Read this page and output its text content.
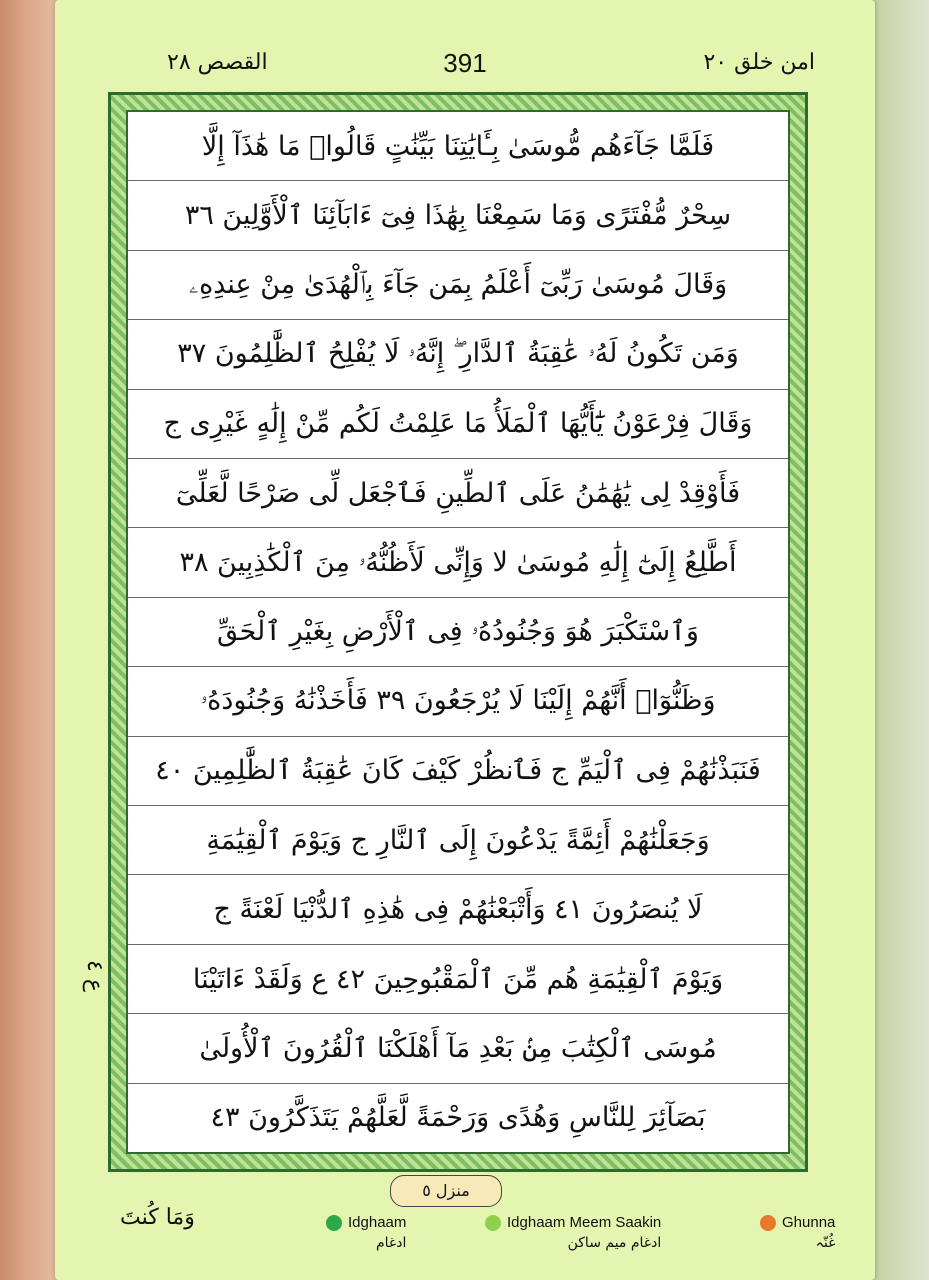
القصص ٢٨	391	امن خلق ٢٠
فَلَمَّا جَآءَهُم مُّوسَىٰ بِـَٔايَٰتِنَا بَيِّنَٰتٍ قَالُوا۟ مَا هَٰذَآ إِلَّا
سِحْرٌ مُّفْتَرًى وَمَا سَمِعْنَا بِهَٰذَا فِىٓ ءَابَآئِنَا ٱلْأَوَّلِينَ ٣٦
وَقَالَ مُوسَىٰ رَبِّىٓ أَعْلَمُ بِمَن جَآءَ بِٱلْهُدَىٰ مِنْ عِندِهِۦ
وَمَن تَكُونُ لَهُۥ عَٰقِبَةُ ٱلدَّارِ ۖ إِنَّهُۥ لَا يُفْلِحُ ٱلظَّٰلِمُونَ ٣٧
وَقَالَ فِرْعَوْنُ يَٰٓأَيُّهَا ٱلْمَلَأُ مَا عَلِمْتُ لَكُم مِّنْ إِلَٰهٍ غَيْرِى ج
فَأَوْقِدْ لِى يَٰهَٰمَٰنُ عَلَى ٱلطِّينِ فَٱجْعَل لِّى صَرْحًا لَّعَلِّىٓ
أَطَّلِعُ إِلَىٰٓ إِلَٰهِ مُوسَىٰ لا وَإِنِّى لَأَظُنُّهُۥ مِنَ ٱلْكَٰذِبِينَ ٣٨
وَٱسْتَكْبَرَ هُوَ وَجُنُودُهُۥ فِى ٱلْأَرْضِ بِغَيْرِ ٱلْحَقِّ
وَظَنُّوٓا۟ أَنَّهُمْ إِلَيْنَا لَا يُرْجَعُونَ ٣٩ فَأَخَذْنَٰهُ وَجُنُودَهُۥ
فَنَبَذْنَٰهُمْ فِى ٱلْيَمِّ ج فَٱنظُرْ كَيْفَ كَانَ عَٰقِبَةُ ٱلظَّٰلِمِينَ ٤٠
وَجَعَلْنَٰهُمْ أَئِمَّةً يَدْعُونَ إِلَى ٱلنَّارِ ج وَيَوْمَ ٱلْقِيَٰمَةِ
لَا يُنصَرُونَ ٤١ وَأَتْبَعْنَٰهُمْ فِى هَٰذِهِ ٱلدُّنْيَا لَعْنَةً ج
وَيَوْمَ ٱلْقِيَٰمَةِ هُم مِّنَ ٱلْمَقْبُوحِينَ ٤٢ ع وَلَقَدْ ءَاتَيْنَا
مُوسَى ٱلْكِتَٰبَ مِنۢ بَعْدِ مَآ أَهْلَكْنَا ٱلْقُرُونَ ٱلْأُولَىٰ
بَصَآئِرَ لِلنَّاسِ وَهُدًى وَرَحْمَةً لَّعَلَّهُمْ يَتَذَكَّرُونَ ٤٣
ع ٤
منزل ٥
وَمَا كُنتَ	Idghaam
ادغام
Idghaam Meem Saakin
ادغام میم ساکن
Ghunna
غُنّہ
